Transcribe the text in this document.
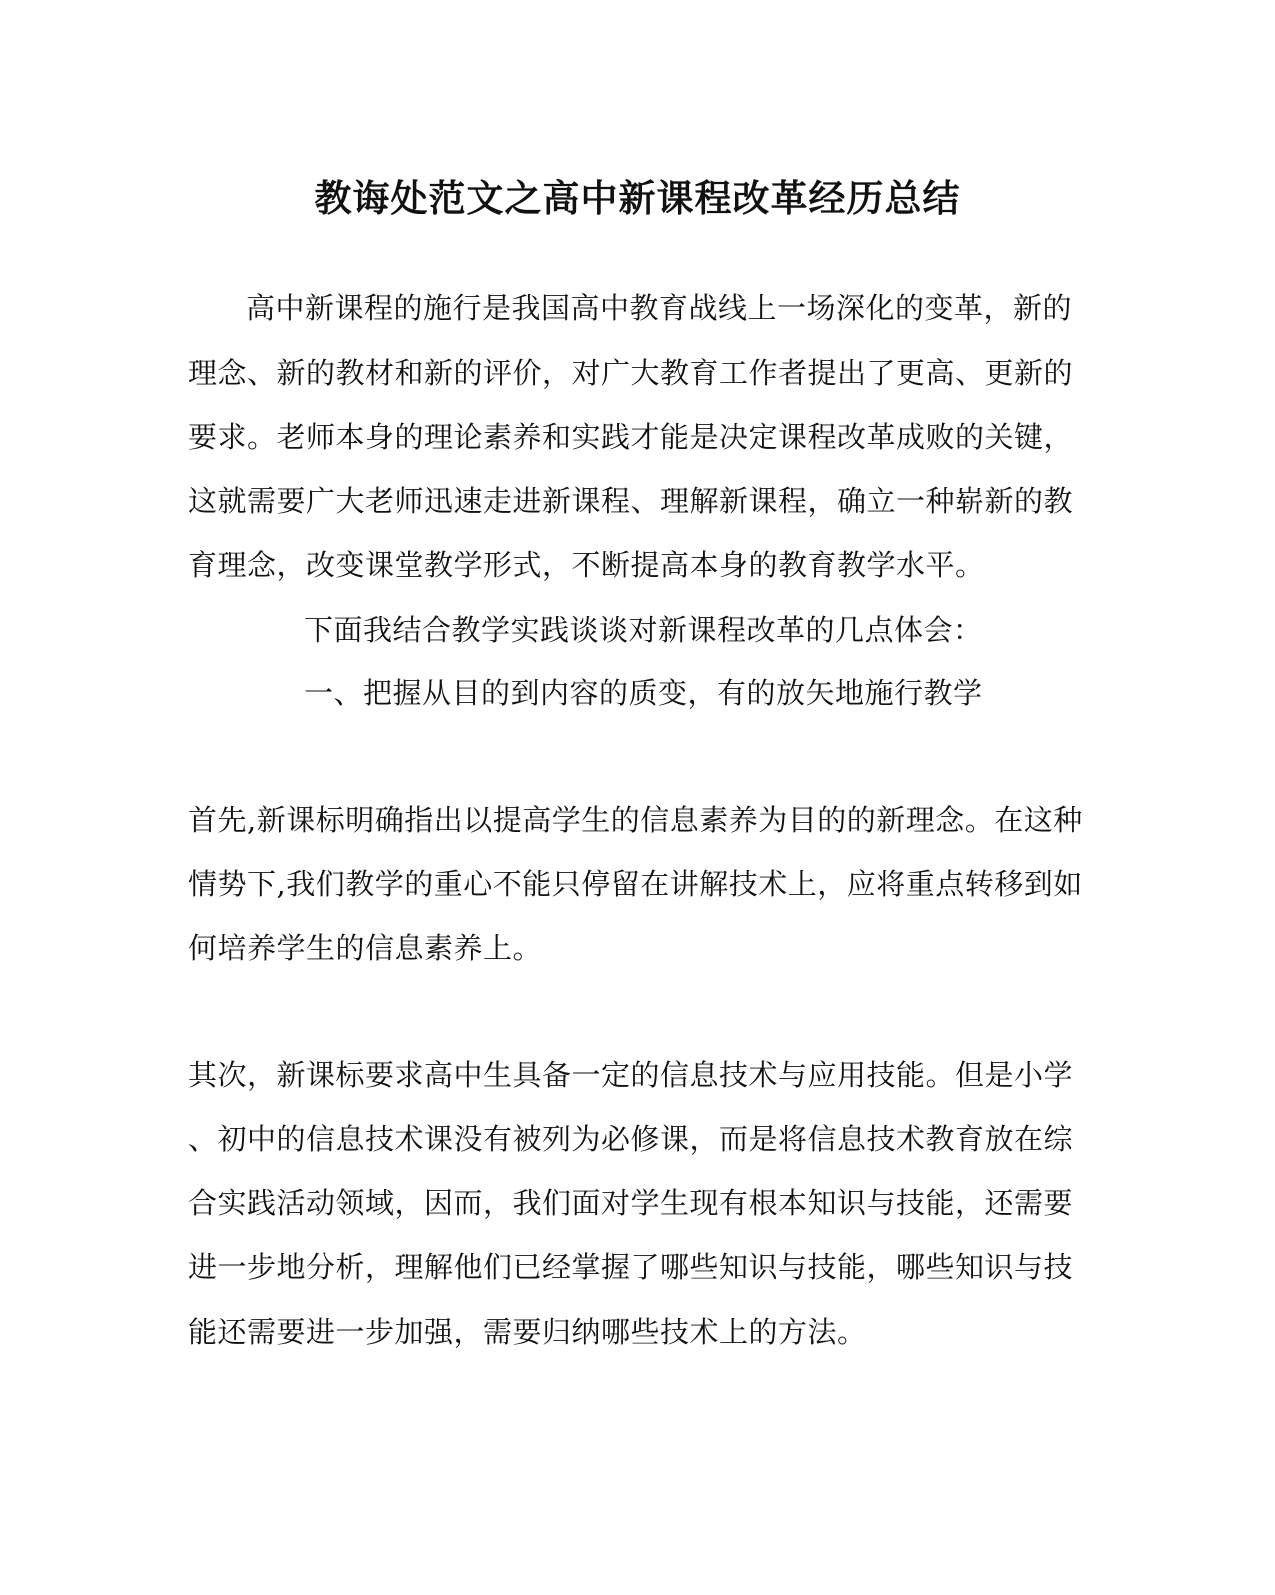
教诲处范文之高中新课程改革经历总结
高中新课程的施行是我国高中教育战线上一场深化的变革，新的
理念、新的教材和新的评价，对广大教育工作者提出了更高、更新的
要求。老师本身的理论素养和实践才能是决定课程改革成败的关键，
这就需要广大老师迅速走进新课程、理解新课程，确立一种崭新的教
育理念，改变课堂教学形式，不断提高本身的教育教学水平。
下面我结合教学实践谈谈对新课程改革的几点体会：
一、把握从目的到内容的质变，有的放矢地施行教学
首先,新课标明确指出以提高学生的信息素养为目的的新理念。在这种
情势下,我们教学的重心不能只停留在讲解技术上，应将重点转移到如
何培养学生的信息素养上。
其次，新课标要求高中生具备一定的信息技术与应用技能。但是小学
、初中的信息技术课没有被列为必修课，而是将信息技术教育放在综
合实践活动领域，因而，我们面对学生现有根本知识与技能，还需要
进一步地分析，理解他们已经掌握了哪些知识与技能，哪些知识与技
能还需要进一步加强，需要归纳哪些技术上的方法。
